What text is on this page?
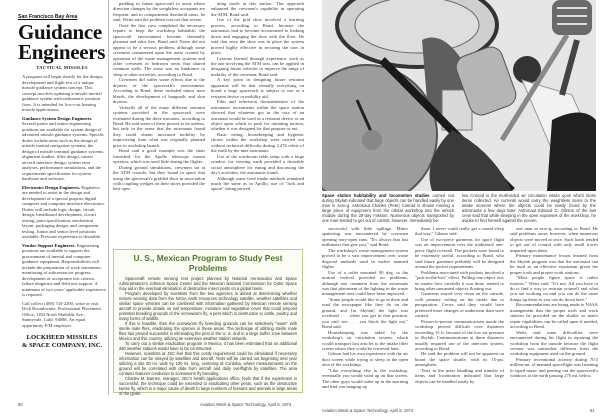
San Francisco Bay Area
Guidance
Engineers
TACTICAL MISSILES

A program will begin shortly for the design, development and flight test of a unique missile guidance system concept. This concept involves updating a missile inertial guidance system with radiometric position fixes. It is intended for low-cost homing missile applications.

Guidance System Design Engineers. Several junior and senior engineering positions are available for system design of advanced missile guidance systems. Specific duties include areas such as the design of missile inertial navigation systems, the design of missile terminal guidance systems, alignment studies, filter design, carrier aircraft interface design, system error analyses, performance simulations, and the requirements specification for system hardware and software.

Electronics Design Engineers. Engineers are needed to assist in the design and development of a special purpose digital computer and computer interface electronics. Duties will include logic design, circuit design, breadboard development, circuit testing, parts specification, mechanical layout, packaging design, and component testing. Junior and senior level positions available. Previous experience is desirable.

Vendor Support Engineers. Engineering positions are available to support the procurement of inertial and computer guidance equipment. Responsibilities will include the preparation of work statements, monitoring of subcontractor progress, development of acceptance test criteria, failure diagnosis and field test support. A minimum of two years' applicable experience is required.

Call collect (408) 743-2200, write or visit Dick Roonthwaite, Professional Placement Office, 1184 North Mathilda Ave., Sunnyvale, Calif. 94088. An equal opportunity F/M employer.

LOCKHEED MISSILES
& SPACE COMPANY, INC.

padding in future spacecraft in areas where direction changes by the weightless occupants are frequent, and in compartment threshold areas, he said. Weitz said the problem was not that severe.

Once the first crew completed the necessary repairs to keep the workshop habitable, the spacecraft environment became thermally pleasant and odor free, Bond said. Noise did not appear to be a serious problem, although some crewmen commented upon the noise created by operation of the waste management systems and other crewmen in bedroom areas that shared common walls. The noise was no hindrance to sleep or other activities, according to Bond.

Crewmen did suffer some effects due to the dryness of the spacecraft's environment. According to Bond, these included minor nose bleeds, the development of hangnails and skin dryness.

Virtually all of the many different restraint systems provided in the spacecraft were evaluated during the three missions, according to Bond. He said some of these proved to be useless, but only in the sense that the astronauts found they could obtain increased mobility by improvising from what was originally planned prior to workshop launch.

Bond said a good example was the chair furnished for the Apollo telescope mount operator, which was used little during the flights.

During ground simulations, crewmen sat at the ATM console, but they found in space that using the spacecraft's gridded floor in association with coupling wedges on their shoes provided the best oper-

ating mode at this station. This approach enhanced the crewmen's capability in operating the ATM, Bond said.

Use of the grid shoe involved a learning process, according to Bond, because the astronauts had to become accustomed to looking down and engaging the shoe with the floor. He said that once the shoe was in place the system proved highly effective in securing the user in place.

Lessons learned through experience, such as the one involving the ATM seat, can be applied in designing future vehicles to improve the range of mobility of the crewmen, Bond said.

A key point in designing future restraint apparatus will be that virtually everything on board a large spacecraft is subject to use as a restraint device or mobility aid.

Film and television documentation of the astronauts' movements within the space station showed that whatever got in the way of an astronaut would be used as a restraint device or an object upon which to push for initiating motion, whether it was designed for that purpose or not.

Basic eating, housekeeping and hygienic chores within the workshop were carried out without technical difficulty during 2,476 orbits of the earth by the nine astronauts.

Use of the wardroom table setup with a large window for viewing earth provided a desirable social atmosphere for eating and discussing the day's activities, the astronauts found.

Although some food intake methods remained much the same as in Apollo, use of "fork and spoon" eating proved

U. S., Mexican Program to Study Pest Problems

Spacecraft remote sensing test project planned by National Aeronautics and Space Administration's Johnson Space Center and the Mexican National Commission for Outer Space may aid in the eventual elimination of destructive insect pests on a global basis.

Program developed by scientists from the two agencies is aimed at determining whether remote sensing data from the NASA earth resources technology satellite, weather satellites and similar space vehicles can be combined with information gathered by Mexican remote sensing aircraft to provide details on soil temperature, moisture and vegetative cover that could pinpoint potential breeding grounds of the screwworm fly, a pest which is destructive to cattle, poultry and many forms of wildlife.

If this is feasible, then the screwworm fly breeding grounds can be selectively "sown" with sterile male flies, eradicating the species in these areas. The technique of utilizing sterile male flies has proved successful in eliminating the pest in the U. S. and in a large buffer zone between Mexico and this country, utilizing an extensive weather station network.

To carry out a similar eradication program in Mexico, it has been estimated that an additional 260 weather stations would have to be constructed.

However, scientists at JSC feel that this costly requirement could be eliminated if necessary information can be relayed by satellites and aircraft. Tests will be carried out beginning next year utilizing a site 50 mi. wide by 100 mi. long, centering at Cordoba, where measurements on the ground will be correlated with data from aircraft and daily overflights by satellites. The area contains features conducive to screwworm fly breeding.

Charles M. Barnes, manager, JSC's health applications office, feels that if the experiment is successful, the technique could be extended to eradicating other pests, such as the destructive tsetse fly, which is a major cause of death to large numbers of humans and animals in large areas of the globe.

60	Aviation Week & Space Technology, April 8, 1974
Space station habitability and locomotion studies carried out during Skylab indicated that large objects can be handled easily by one man in zero-g. Astronaut Charles (Pete) Conrad is shown moving a large piece of equipment from the orbital workshop into the airlock module during the 28-day mission. Numerous objects transported by one man tended to get out of control, however. Immediately be-
low Conrad is the multi-sided air circulation intake upon which loose items collected. Air currents would carry the weightless items to the intake screens where the objects could be easily found by the astronauts a few days later. Astronaut Edward G. Gibson of the last crew said that while sleeping in the open expanses of the workshop, he awoke to find himself against the screen.

successful with little spillage. Minor spattering was encountered by crewmen opening easy-open cans. "It's always that last millimeter that gets you," said Bond.

The workshop's waste management system proved to be a vast improvement over waste disposal methods used in earlier manned flights.

Use of a toilet mounted 90 deg. to the normal vertical provided no problems, although one comment from the astronauts was that placement of the lighting in the waste management area could have been improved.

"Some people would like to go in there and read the newspaper like they do on the ground, and [in Skylab] the light was overhead . . . when you get in that position, you can't see . . . you block the light out," Bond said.

Housekeeping was aided by the workshop's air circulation system, which would transport lost articles to the intake filter screen where they could be retrieved later.

Gibson had his own experience with the air duct screen while trying to sleep in the open area of the workshop.

"Like everything else in the workshop, eventually you would wind up on that screen. The other guys would wake up in the morning and find you hanging up

there. I never could really get a sound sleep that way," Gibson said.

Use of two-piece garments for space flight was an improvement over the traditional one-piece flight coverall. The pockets were found to be extremely useful, according to Bond, who said future garments probably will be designed around the pocket requirements.

Problems associated with pockets involved a "jack-in-the-box" effect. Pulling one object out, no matter how carefully it was done, tended to bring other unwanted objects floating out.

Garments stayed very clean on the outside, with primary soiling on the inside due to perspiration. Crews said they would have preferred more changes of underwear than were carried.

Person-to-person communications inside the workshop proved difficult over distances exceeding 15 ft. because of the low air pressure in Skylab. Communications at these distances usually required use of the intercom system, according to Bond.

He said the problem will not be apparent on board the space shuttle, with its 15-psi. atmosphere.

Tests in the mass handling and transfer of items and locomotion indicated that large objects can be handled easily by

one man in zero-g, according to Bond. He said problems arose, however, when numerous objects were moved at once. Such loads tended to get out of control with only small forces imparted upon them.

Primary maintenance lesson learned from the Skylab program was that the astronaut can be used as an effective repairman given the proper tools and proper work stations.

"Most people figure space is rather esoteric," Weitz said. "It's not. All you have to do is find a way to restrain yourself and what you are working on and you can do the same things up there as you can do down here."

Recommendations are being made to NASA management that the proper tools and work stations be provided on the shuttle so man's repair capabilities can be called upon if needed, according to Bond.

Weitz said some difficulties were encountered during his flight in repairing the workshop from the outside because the flight version was somewhat different from the workshop equipment used on the ground.

Primary recreational activity during 70.5 million mi. of manned spaceflight was listening to taped music and peering out the spacecraft's windows at the earth passing 270 mi. below.

Aviation Week & Space Technology, April 8, 1974	61
